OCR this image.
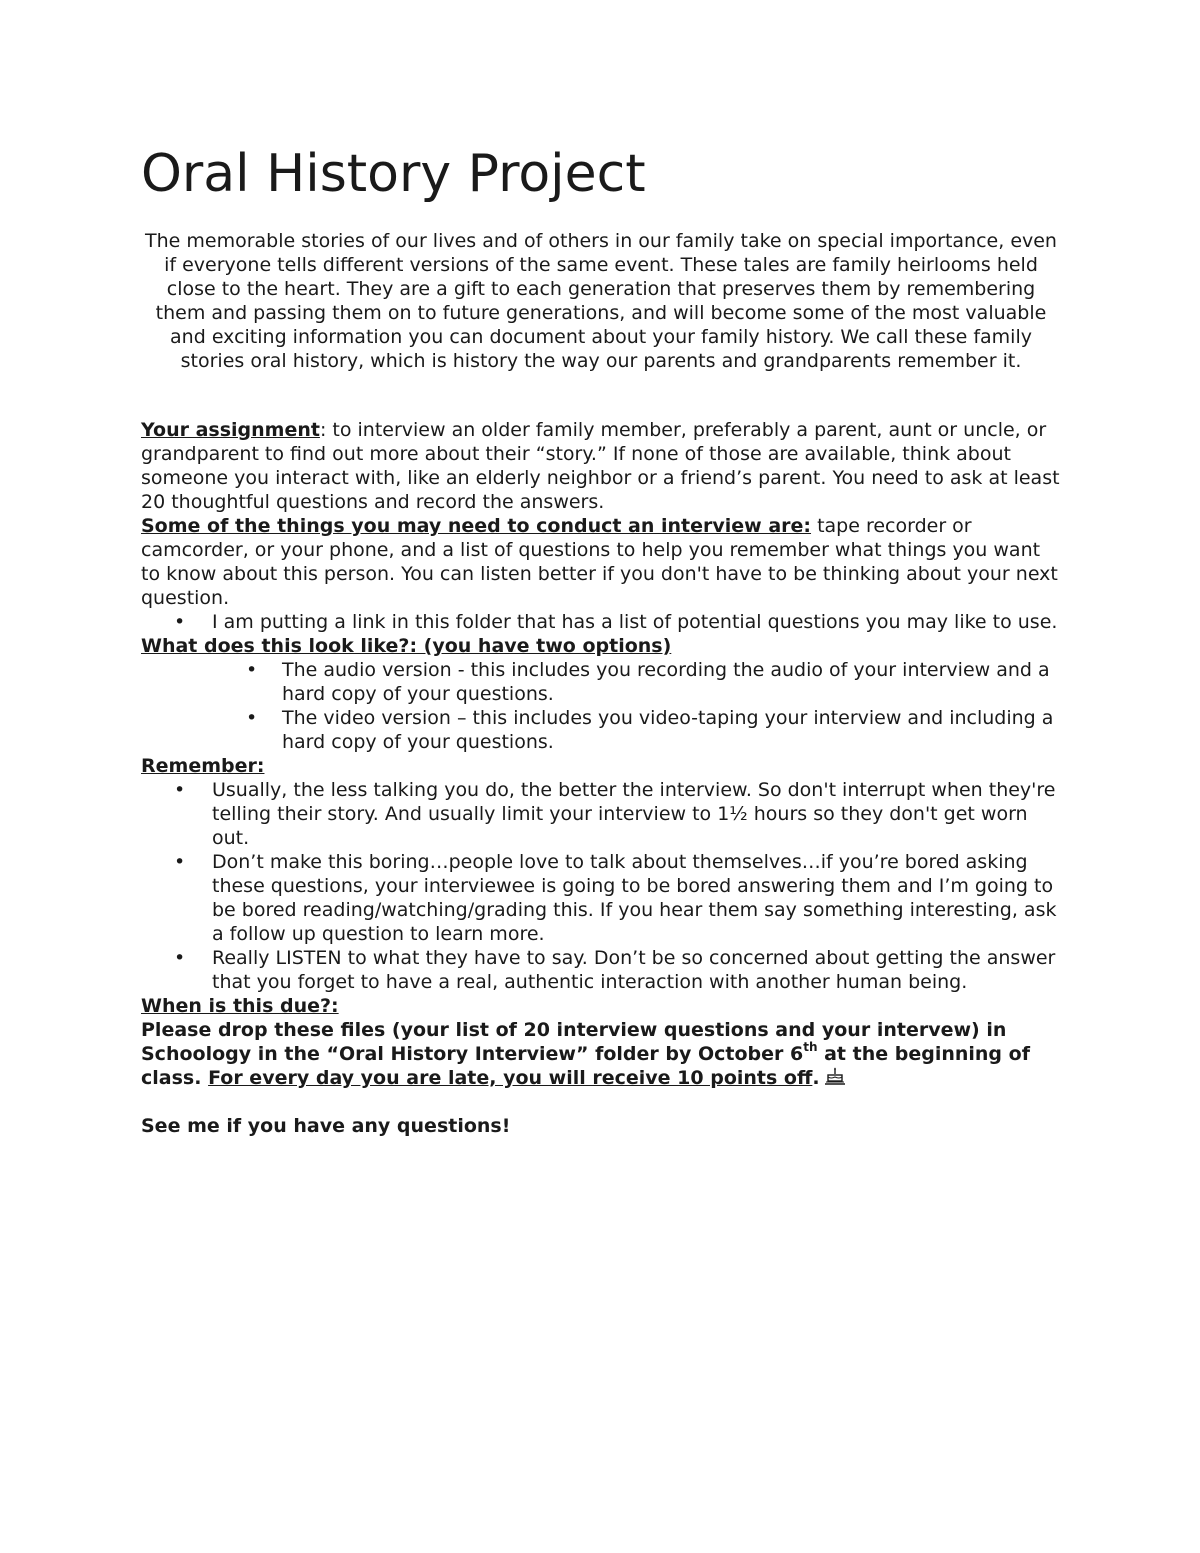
Oral History Project

The memorable stories of our lives and of others in our family take on special importance, even if everyone tells different versions of the same event. These tales are family heirlooms held close to the heart. They are a gift to each generation that preserves them by remembering them and passing them on to future generations, and will become some of the most valuable and exciting information you can document about your family history. We call these family stories oral history, which is history the way our parents and grandparents remember it.

Your assignment: to interview an older family member, preferably a parent, aunt or uncle, or grandparent to find out more about their “story.” If none of those are available, think about someone you interact with, like an elderly neighbor or a friend’s parent. You need to ask at least 20 thoughtful questions and record the answers.

Some of the things you may need to conduct an interview are: tape recorder or camcorder, or your phone, and a list of questions to help you remember what things you want to know about this person. You can listen better if you don't have to be thinking about your next question.

• I am putting a link in this folder that has a list of potential questions you may like to use.

What does this look like?: (you have two options)

• The audio version - this includes you recording the audio of your interview and a hard copy of your questions.
• The video version – this includes you video-taping your interview and including a hard copy of your questions.

Remember:

• Usually, the less talking you do, the better the interview. So don't interrupt when they're telling their story. And usually limit your interview to 1½ hours so they don't get worn out.
• Don’t make this boring…people love to talk about themselves…if you’re bored asking these questions, your interviewee is going to be bored answering them and I’m going to be bored reading/watching/grading this. If you hear them say something interesting, ask a follow up question to learn more.
• Really LISTEN to what they have to say. Don’t be so concerned about getting the answer that you forget to have a real, authentic interaction with another human being.

When is this due?:

Please drop these files (your list of 20 interview questions and your intervew) in Schoology in the “Oral History Interview” folder by October 6th at the beginning of class. For every day you are late, you will receive 10 points off.

See me if you have any questions!
